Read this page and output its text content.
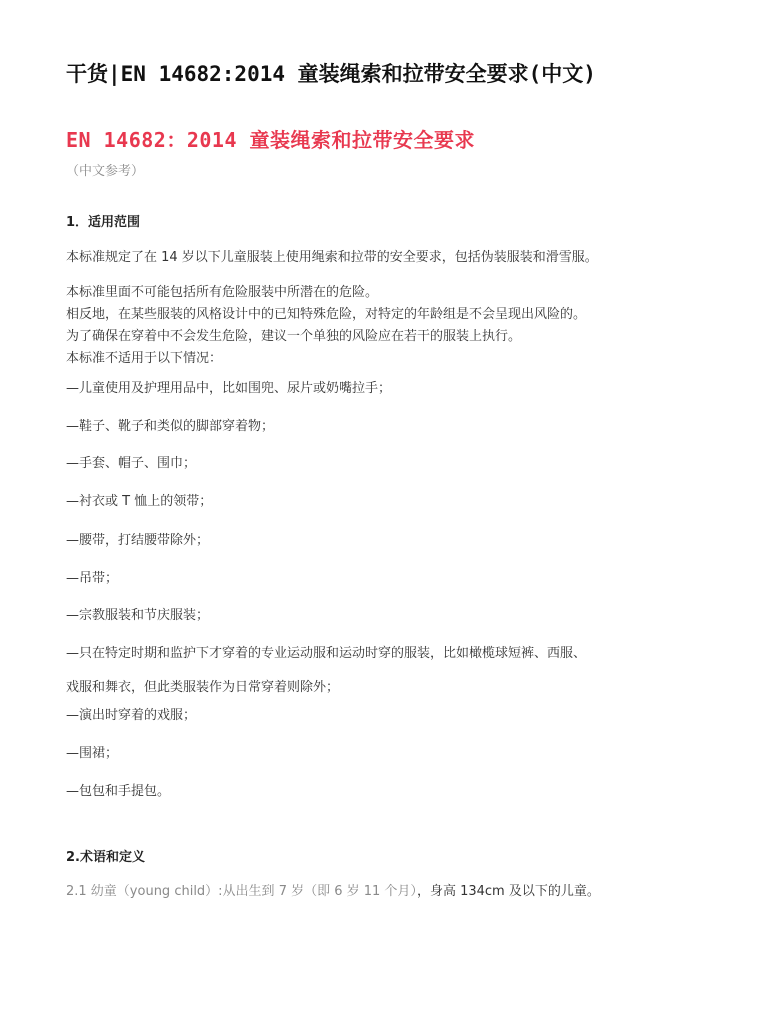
干货|EN 14682:2014 童装绳索和拉带安全要求(中文)
EN 14682：2014 童装绳索和拉带安全要求
（中文参考）
1．适用范围
本标准规定了在 14 岁以下儿童服装上使用绳索和拉带的安全要求，包括伪装服装和滑雪服。
本标准里面不可能包括所有危险服装中所潜在的危险。
相反地，在某些服装的风格设计中的已知特殊危险，对特定的年龄组是不会呈现出风险的。
为了确保在穿着中不会发生危险，建议一个单独的风险应在若干的服装上执行。
本标准不适用于以下情况：
—儿童使用及护理用品中，比如围兜、尿片或奶嘴拉手；
—鞋子、靴子和类似的脚部穿着物；
—手套、帽子、围巾；
—衬衣或 T 恤上的领带；
—腰带，打结腰带除外；
—吊带；
—宗教服装和节庆服装；
—只在特定时期和监护下才穿着的专业运动服和运动时穿的服装，比如橄榄球短裤、西服、
戏服和舞衣，但此类服装作为日常穿着则除外；
—演出时穿着的戏服；
—围裙；
—包包和手提包。
2.术语和定义
2.1 幼童（young child）:从出生到 7 岁（即 6 岁 11 个月），身高 134cm 及以下的儿童。
